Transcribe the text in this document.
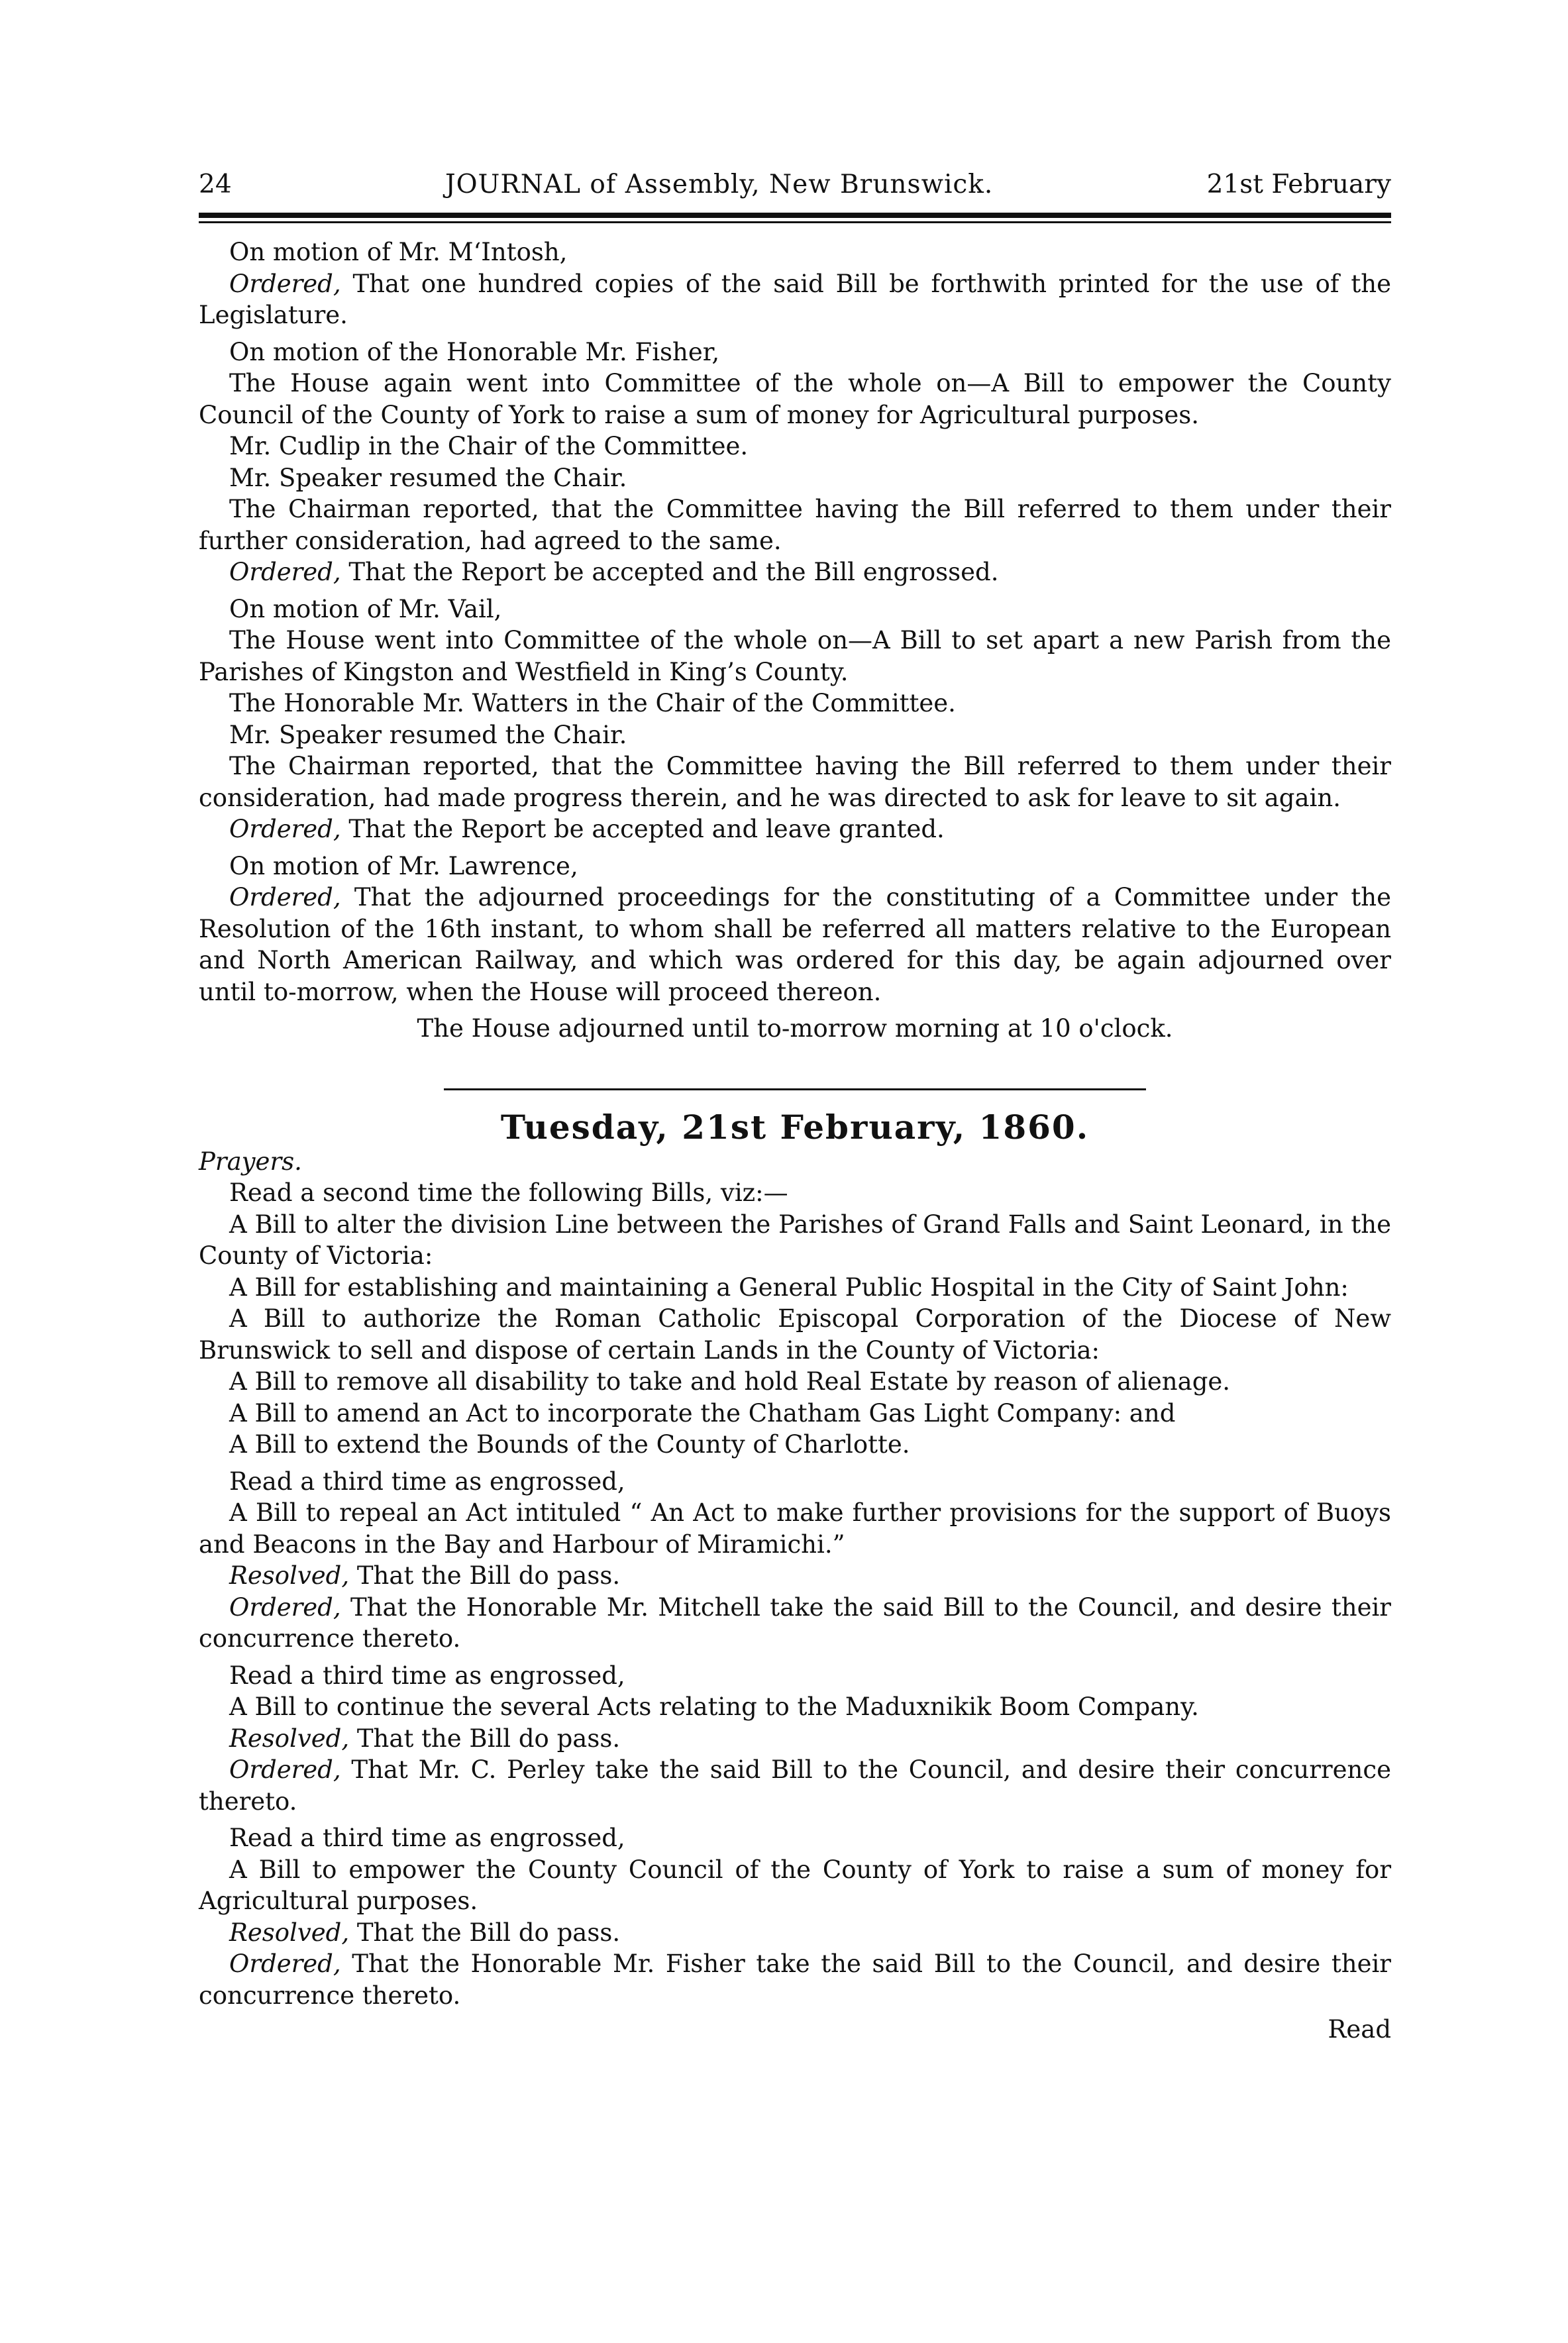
24	JOURNAL of Assembly, New Brunswick.	21st February

On motion of Mr. M‘Intosh,

Ordered, That one hundred copies of the said Bill be forthwith printed for the use of the Legislature.

On motion of the Honorable Mr. Fisher,

The House again went into Committee of the whole on—A Bill to empower the County Council of the County of York to raise a sum of money for Agricultural purposes.

Mr. Cudlip in the Chair of the Committee.

Mr. Speaker resumed the Chair.

The Chairman reported, that the Committee having the Bill referred to them under their further consideration, had agreed to the same.

Ordered, That the Report be accepted and the Bill engrossed.

On motion of Mr. Vail,

The House went into Committee of the whole on—A Bill to set apart a new Parish from the Parishes of Kingston and Westfield in King’s County.

The Honorable Mr. Watters in the Chair of the Committee.

Mr. Speaker resumed the Chair.

The Chairman reported, that the Committee having the Bill referred to them under their consideration, had made progress therein, and he was directed to ask for leave to sit again.

Ordered, That the Report be accepted and leave granted.

On motion of Mr. Lawrence,

Ordered, That the adjourned proceedings for the constituting of a Committee under the Resolution of the 16th instant, to whom shall be referred all matters relative to the European and North American Railway, and which was ordered for this day, be again adjourned over until to-morrow, when the House will proceed thereon.

The House adjourned until to-morrow morning at 10 o'clock.

Tuesday, 21st February, 1860.

Prayers.

Read a second time the following Bills, viz:—

A Bill to alter the division Line between the Parishes of Grand Falls and Saint Leonard, in the County of Victoria:

A Bill for establishing and maintaining a General Public Hospital in the City of Saint John:

A Bill to authorize the Roman Catholic Episcopal Corporation of the Diocese of New Brunswick to sell and dispose of certain Lands in the County of Victoria:

A Bill to remove all disability to take and hold Real Estate by reason of alienage.

A Bill to amend an Act to incorporate the Chatham Gas Light Company: and

A Bill to extend the Bounds of the County of Charlotte.

Read a third time as engrossed,

A Bill to repeal an Act intituled “ An Act to make further provisions for the support of Buoys and Beacons in the Bay and Harbour of Miramichi.”

Resolved, That the Bill do pass.

Ordered, That the Honorable Mr. Mitchell take the said Bill to the Council, and desire their concurrence thereto.

Read a third time as engrossed,

A Bill to continue the several Acts relating to the Maduxnikik Boom Company.

Resolved, That the Bill do pass.

Ordered, That Mr. C. Perley take the said Bill to the Council, and desire their concurrence thereto.

Read a third time as engrossed,

A Bill to empower the County Council of the County of York to raise a sum of money for Agricultural purposes.

Resolved, That the Bill do pass.

Ordered, That the Honorable Mr. Fisher take the said Bill to the Council, and desire their concurrence thereto.

Read
